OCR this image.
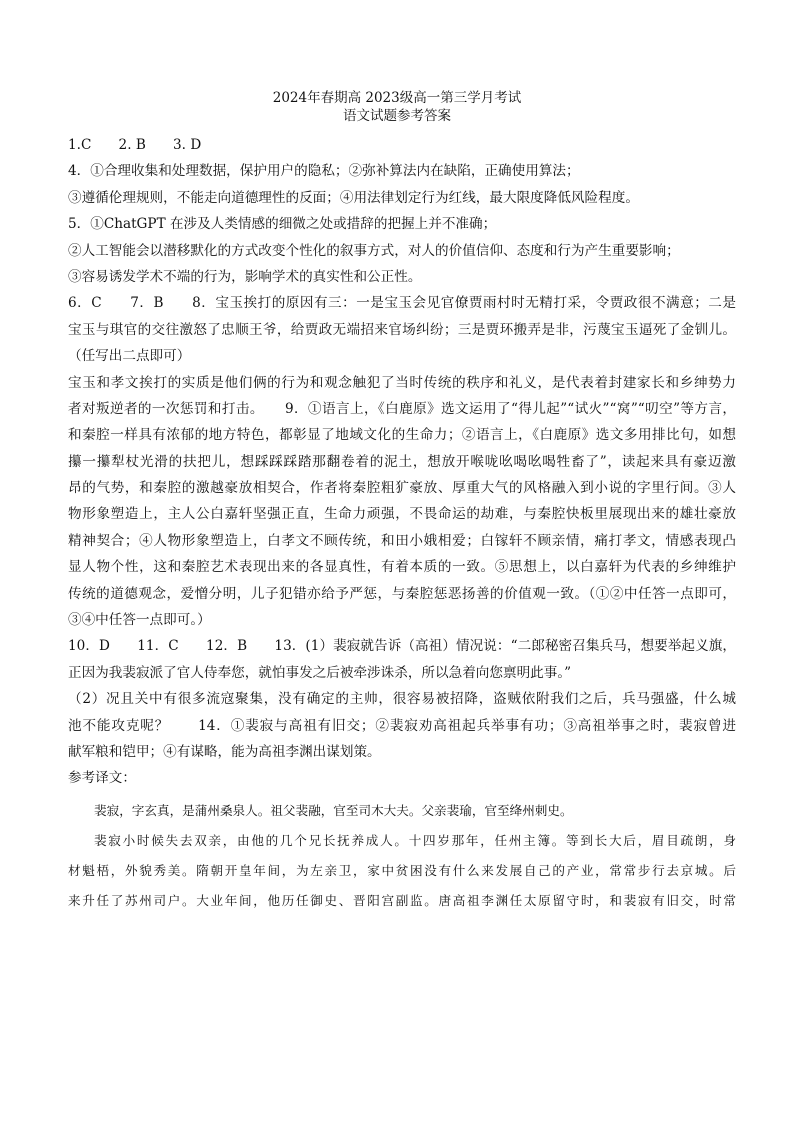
2024年春期高 2023级高一第三学月考试
语文试题参考答案
1.C　　2. B　　3. D
4．①合理收集和处理数据，保护用户的隐私；②弥补算法内在缺陷，正确使用算法；
③遵循伦理规则，不能走向道德理性的反面；④用法律划定行为红线，最大限度降低风险程度。
5．①ChatGPT 在涉及人类情感的细微之处或措辞的把握上并不准确；
②人工智能会以潜移默化的方式改变个性化的叙事方式，对人的价值信仰、态度和行为产生重要影响；
③容易诱发学术不端的行为，影响学术的真实性和公正性。
6．C　　7．B　　8．宝玉挨打的原因有三：一是宝玉会见官僚贾雨村时无精打采，令贾政很不满意；二是
宝玉与琪官的交往激怒了忠顺王爷，给贾政无端招来官场纠纷；三是贾环搬弄是非，污蔑宝玉逼死了金钏儿。
（任写出二点即可）
宝玉和孝文挨打的实质是他们俩的行为和观念触犯了当时传统的秩序和礼义，是代表着封建家长和乡绅势力
者对叛逆者的一次惩罚和打击。　　9．①语言上，《白鹿原》选文运用了“得儿起”“试火”“窝”“叨空”等方言，
和秦腔一样具有浓郁的地方特色，都彰显了地域文化的生命力；②语言上，《白鹿原》选文多用排比句，如想
攥一攥犁杖光滑的扶把儿，想踩踩踩踏那翻卷着的泥土，想放开喉咙吆喝吆喝牲畜了”，读起来具有豪迈激
昂的气势，和秦腔的激越豪放相契合，作者将秦腔粗犷豪放、厚重大气的风格融入到小说的字里行间。③人
物形象塑造上，主人公白嘉轩坚强正直，生命力顽强，不畏命运的劫难，与秦腔快板里展现出来的雄壮豪放
精神契合；④人物形象塑造上，白孝文不顾传统，和田小娥相爱；白镓轩不顾亲情，痛打孝文，情感表现凸
显人物个性，这和秦腔艺术表现出来的各显真性，有着本质的一致。⑤思想上，以白嘉轩为代表的乡绅维护
传统的道德观念，爱憎分明，儿子犯错亦给予严惩，与秦腔惩恶扬善的价值观一致。（①②中任答一点即可，
③④中任答一点即可。）
10．D　　11．C　　12．B　　13．(1）裴寂就告诉（高祖）情况说：“二郎秘密召集兵马，想要举起义旗，
正因为我裴寂派了官人侍奉您，就怕事发之后被牵涉诛杀，所以急着向您禀明此事。”
（2）况且关中有很多流寇聚集，没有确定的主帅，很容易被招降，盗贼依附我们之后，兵马强盛，什么城
池不能攻克呢？　　14．①裴寂与高祖有旧交；②裴寂劝高祖起兵举事有功；③高祖举事之时，裴寂曾进
献军粮和铠甲；④有谋略，能为高祖李渊出谋划策。
参考译文：
裴寂，字玄真，是蒲州桑泉人。祖父裴融，官至司木大夫。父亲裴瑜，官至绛州刺史。
裴寂小时候失去双亲，由他的几个兄长抚养成人。十四岁那年，任州主簿。等到长大后，眉目疏朗，身
材魁梧，外貌秀美。隋朝开皇年间，为左亲卫，家中贫困没有什么来发展自己的产业，常常步行去京城。后
来升任了苏州司户。大业年间，他历任御史、晋阳宫副监。唐高祖李渊任太原留守时，和裴寂有旧交，时常
